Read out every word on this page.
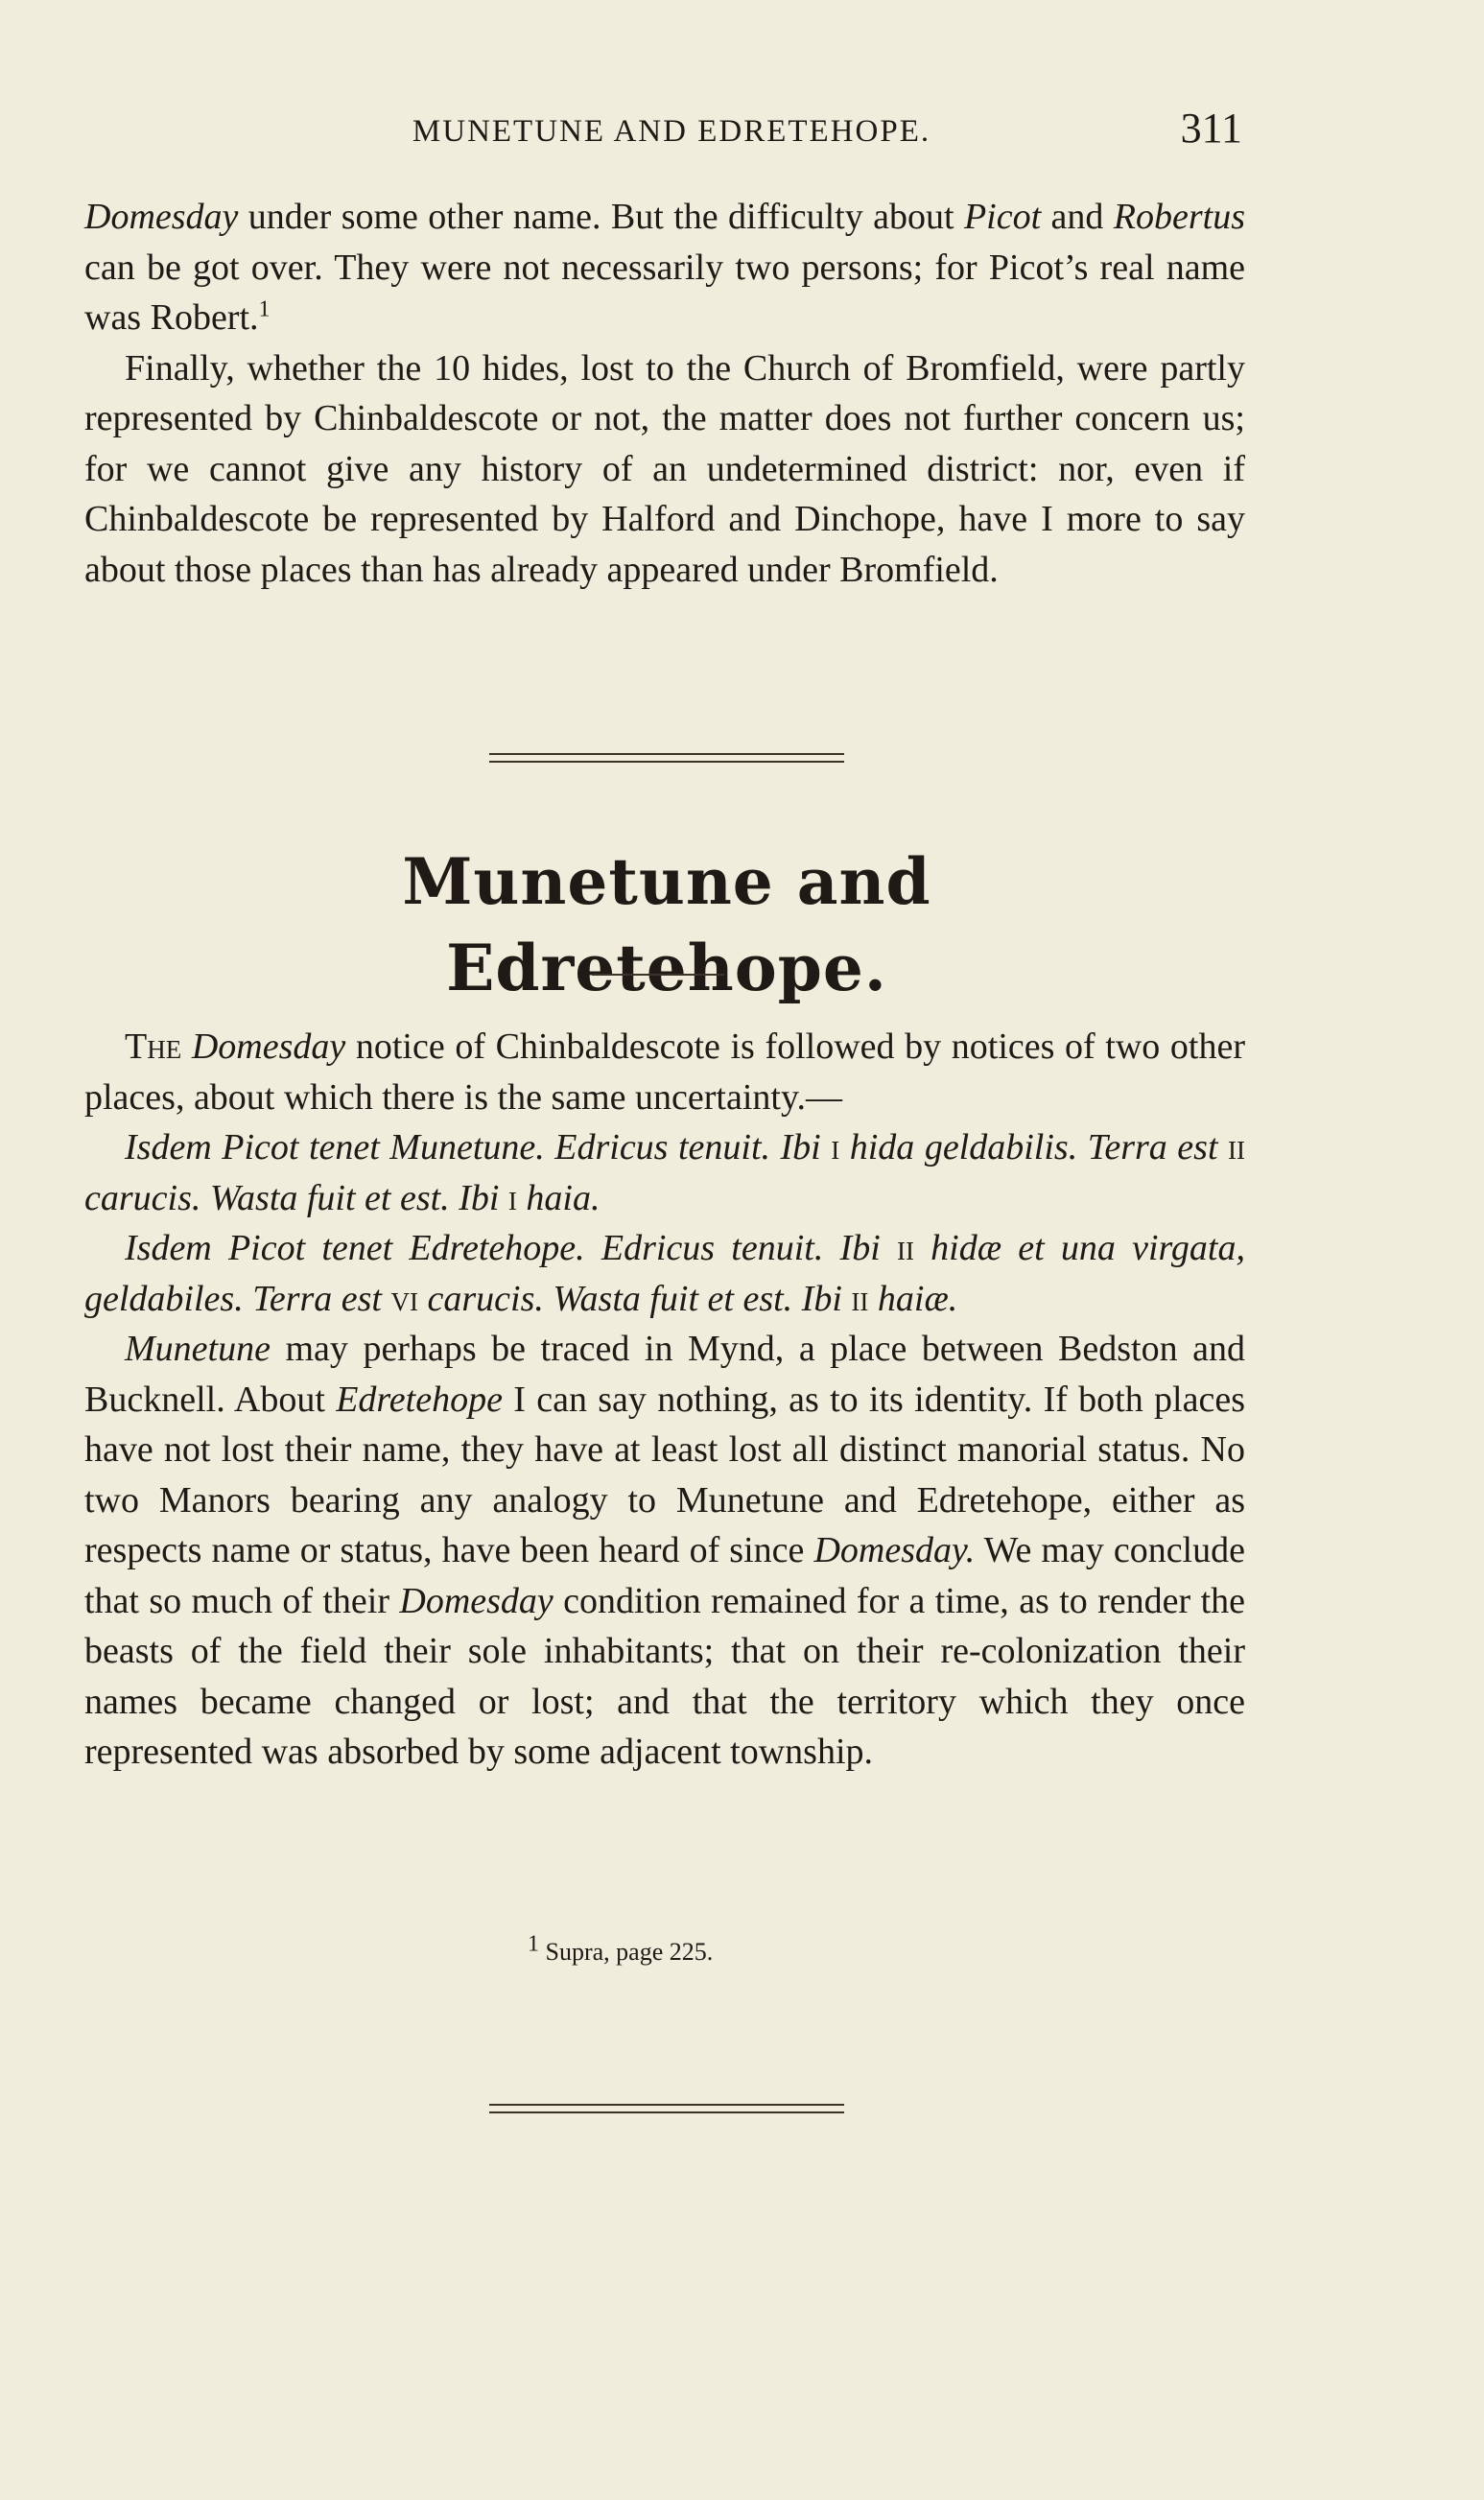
MUNETUNE AND EDRETEHOPE.	311

Domesday under some other name. But the difficulty about Picot and Robertus can be got over. They were not necessarily two persons; for Picot’s real name was Robert.$^1$

Finally, whether the 10 hides, lost to the Church of Bromfield, were partly represented by Chinbaldescote or not, the matter does not further concern us; for we cannot give any history of an undetermined district: nor, even if Chinbaldescote be represented by Halford and Dinchope, have I more to say about those places than has already appeared under Bromfield.

Munetune and Edretehope.

The Domesday notice of Chinbaldescote is followed by notices of two other places, about which there is the same uncertainty.—

Isdem Picot tenet Munetune. Edricus tenuit. Ibi i hida geldabilis. Terra est ii carucis. Wasta fuit et est. Ibi i haia.

Isdem Picot tenet Edretehope. Edricus tenuit. Ibi ii hidæ et una virgata, geldabiles. Terra est vi carucis. Wasta fuit et est. Ibi ii haiæ.

Munetune may perhaps be traced in Mynd, a place between Bedston and Bucknell. About Edretehope I can say nothing, as to its identity. If both places have not lost their name, they have at least lost all distinct manorial status. No two Manors bearing any analogy to Munetune and Edretehope, either as respects name or status, have been heard of since Domesday. We may conclude that so much of their Domesday condition remained for a time, as to render the beasts of the field their sole inhabitants; that on their re-colonization their names became changed or lost; and that the territory which they once represented was absorbed by some adjacent township.

1 Supra, page 225.
